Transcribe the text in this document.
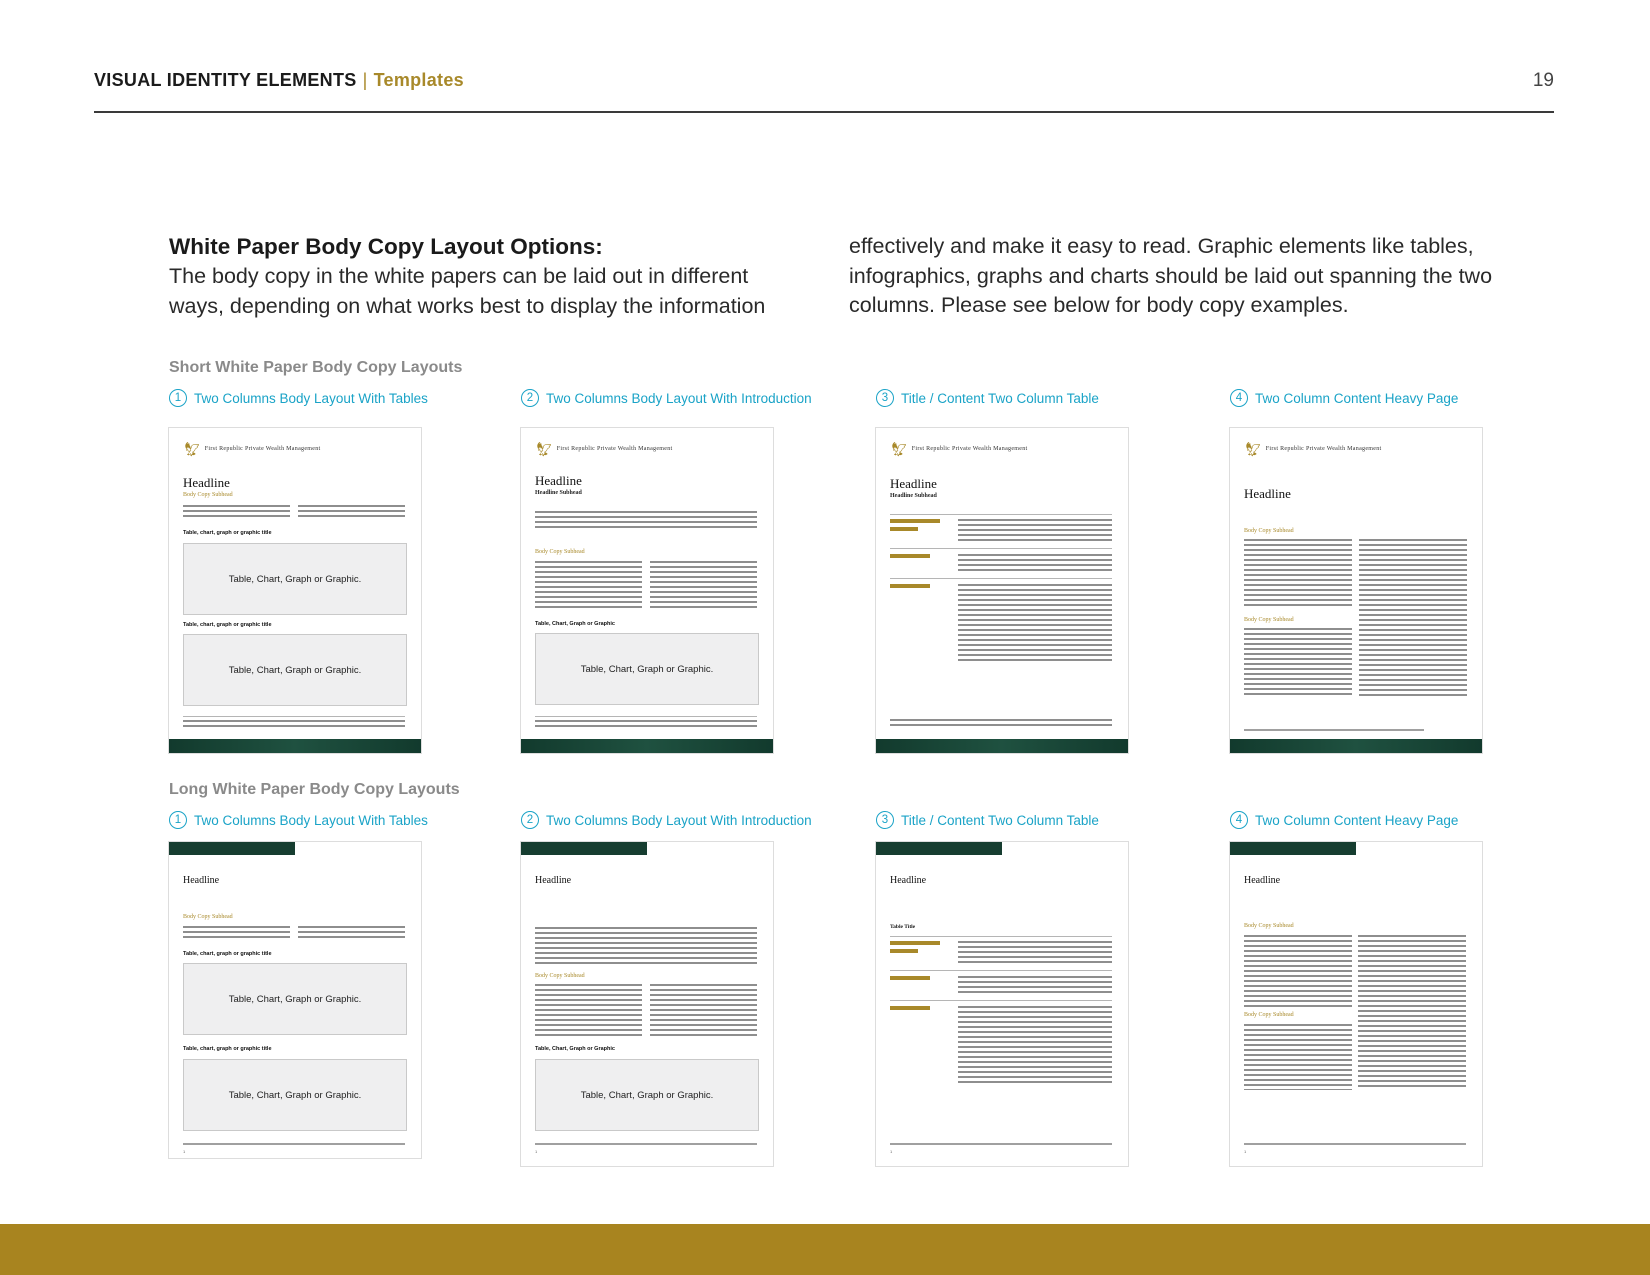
VISUAL IDENTITY ELEMENTS | Templates	19
White Paper Body Copy Layout Options:
The body copy in the white papers can be laid out in different ways, depending on what works best to display the information
effectively and make it easy to read. Graphic elements like tables, infographics, graphs and charts should be laid out spanning the two columns. Please see below for body copy examples.
Short White Paper Body Copy Layouts
1 Two Columns Body Layout With Tables	2 Two Columns Body Layout With Introduction	3 Title / Content Two Column Table	4 Two Column Content Heavy Page
🦅︎ First Republic Private Wealth Management
Headline
Body Copy Subhead
Table, chart, graph or graphic title
Table, Chart, Graph or Graphic.
Table, chart, graph or graphic title
Table, Chart, Graph or Graphic.
🦅︎ First Republic Private Wealth Management
Headline
Headline Subhead
Body Copy Subhead
Table, Chart, Graph or Graphic
Table, Chart, Graph or Graphic.
🦅︎ First Republic Private Wealth Management
Headline
Headline Subhead
🦅︎ First Republic Private Wealth Management
Headline
Body Copy Subhead
Body Copy Subhead
Long White Paper Body Copy Layouts
1 Two Columns Body Layout With Tables	2 Two Columns Body Layout With Introduction	3 Title / Content Two Column Table	4 Two Column Content Heavy Page
Headline
Body Copy Subhead
Table, chart, graph or graphic title
Table, Chart, Graph or Graphic.
Table, chart, graph or graphic title
Table, Chart, Graph or Graphic.
1
Headline
Body Copy Subhead
Table, Chart, Graph or Graphic
Table, Chart, Graph or Graphic.
1
Headline
Table Title
1
Headline
Body Copy Subhead
Body Copy Subhead
1
